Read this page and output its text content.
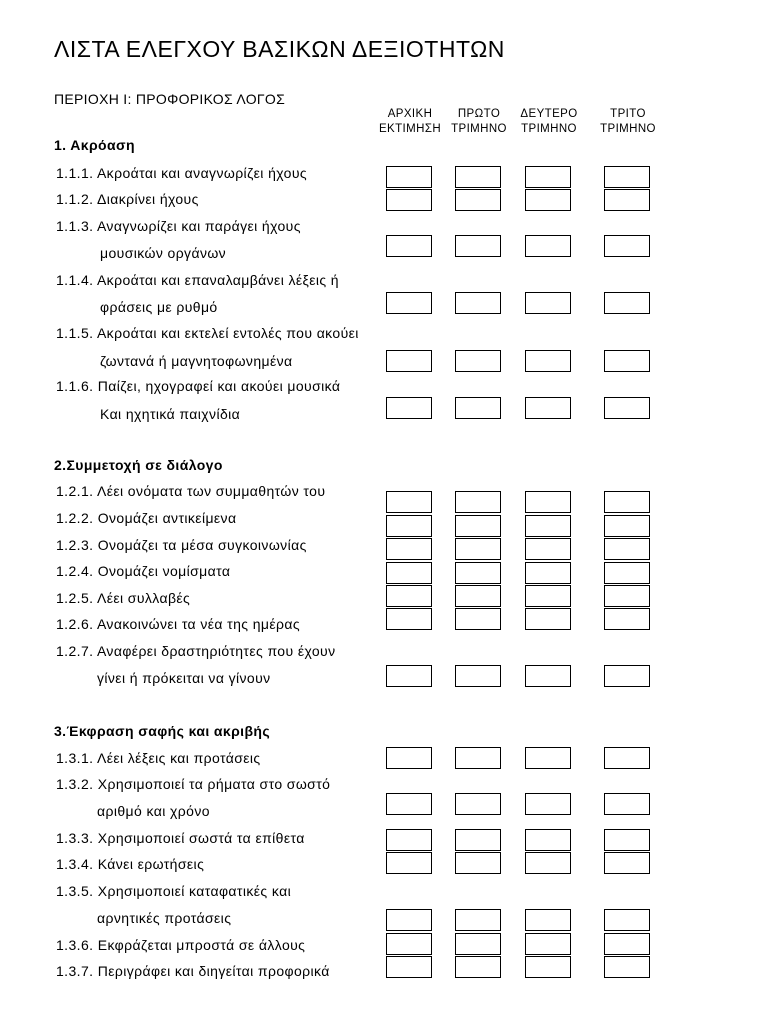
ΛΙΣΤΑ ΕΛΕΓΧΟΥ ΒΑΣΙΚΩΝ ΔΕΞΙΟΤΗΤΩΝ
ΠΕΡΙΟΧΗ Ι: ΠΡΟΦΟΡΙΚΟΣ ΛΟΓΟΣ
ΑΡΧΙΚΗ
ΕΚΤΙΜΗΣΗ
ΠΡΩΤΟ
ΤΡΙΜΗΝΟ
ΔΕΥΤΕΡΟ
ΤΡΙΜΗΝΟ
ΤΡΙΤΟ
ΤΡΙΜΗΝΟ
1. Ακρόαση
1.1.1. Ακροάται και αναγνωρίζει ήχους
1.1.2. Διακρίνει ήχους
1.1.3. Αναγνωρίζει και παράγει ήχους
μουσικών οργάνων
1.1.4. Ακροάται και επαναλαμβάνει λέξεις ή
φράσεις με ρυθμό
1.1.5. Ακροάται και εκτελεί εντολές που ακούει
ζωντανά ή μαγνητοφωνημένα
1.1.6. Παίζει, ηχογραφεί και ακούει μουσικά
Και ηχητικά παιχνίδια
2.Συμμετοχή σε διάλογο
1.2.1. Λέει ονόματα των συμμαθητών του
1.2.2. Ονομάζει αντικείμενα
1.2.3. Ονομάζει τα μέσα συγκοινωνίας
1.2.4. Ονομάζει νομίσματα
1.2.5. Λέει συλλαβές
1.2.6. Ανακοινώνει τα νέα της ημέρας
1.2.7. Αναφέρει δραστηριότητες που έχουν
γίνει ή πρόκειται να γίνουν
3.Έκφραση σαφής και ακριβής
1.3.1. Λέει λέξεις και προτάσεις
1.3.2. Χρησιμοποιεί τα ρήματα στο σωστό
αριθμό και χρόνο
1.3.3. Χρησιμοποιεί σωστά τα επίθετα
1.3.4. Κάνει ερωτήσεις
1.3.5. Χρησιμοποιεί καταφατικές και
αρνητικές προτάσεις
1.3.6. Εκφράζεται μπροστά σε άλλους
1.3.7. Περιγράφει και διηγείται προφορικά
